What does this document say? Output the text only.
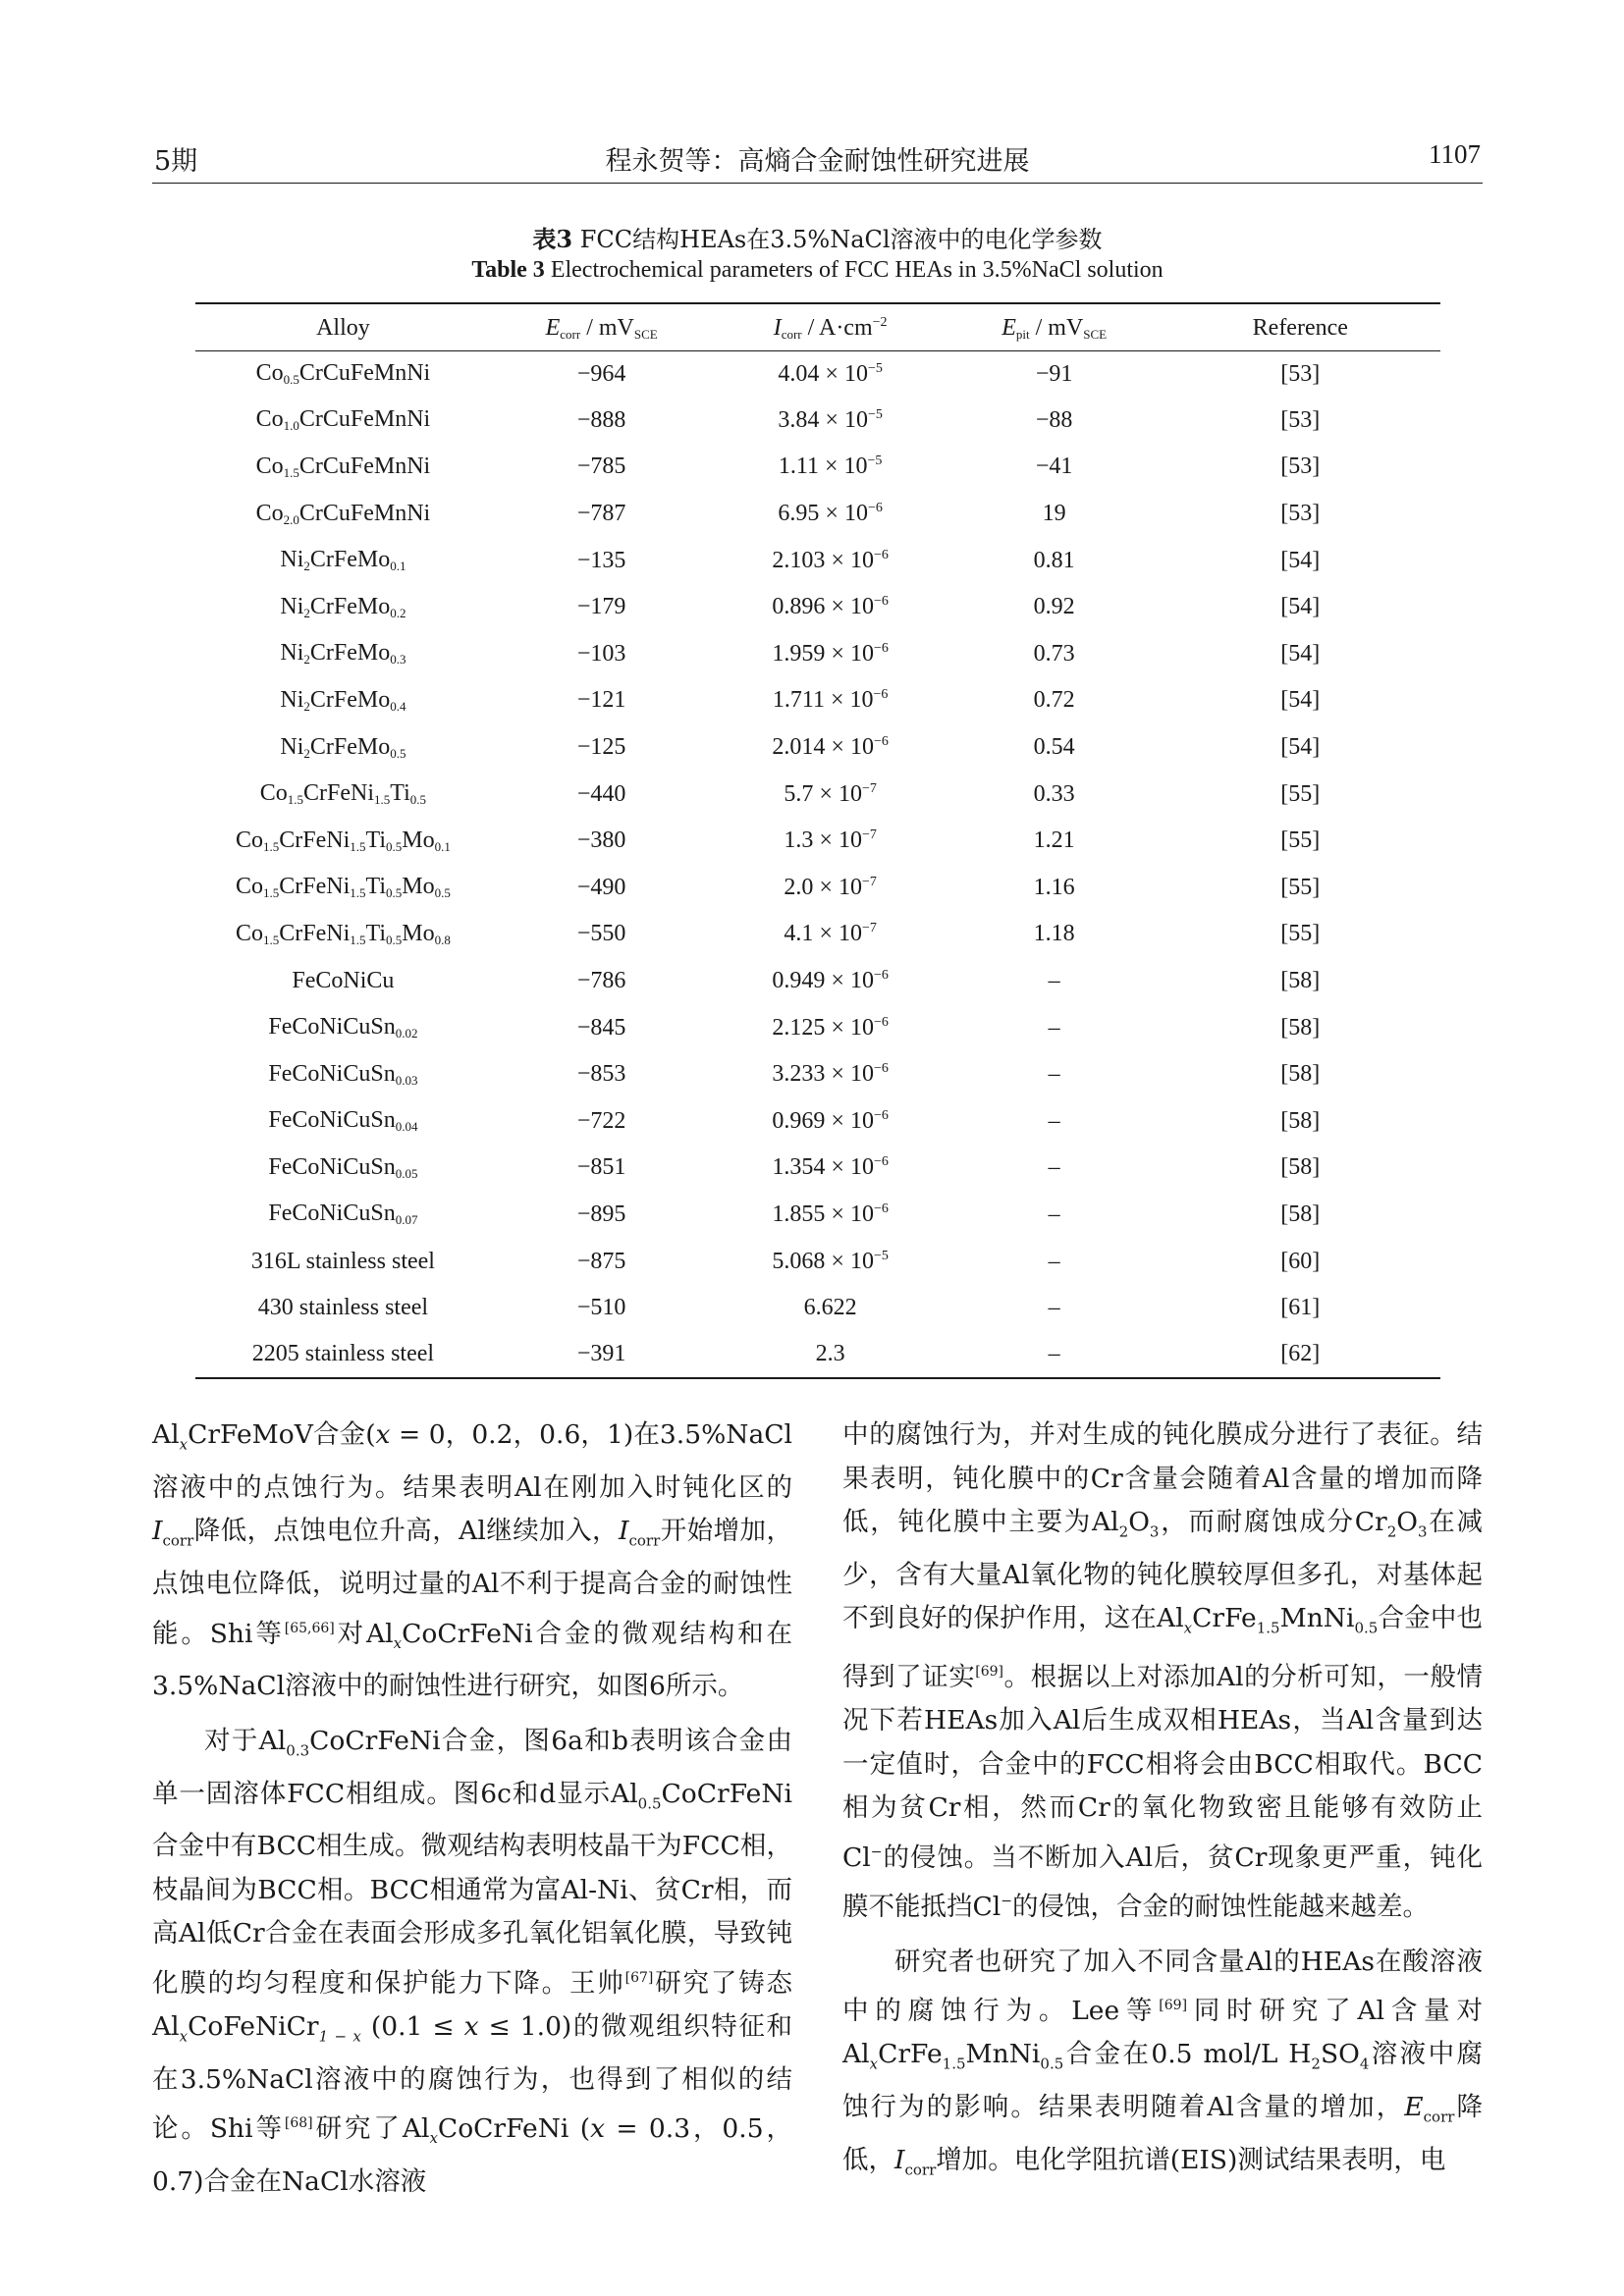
5期	程永贺等：高熵合金耐蚀性研究进展	1107
表3 FCC结构HEAs在3.5%NaCl溶液中的电化学参数
Table 3 Electrochemical parameters of FCC HEAs in 3.5%NaCl solution
Alloy	$E_{corr} / mV_{SCE}$	$I_{corr} / A\cdot cm^{-2}$	$E_{pit} / mV_{SCE}$	Reference
$Co_{0.5}CrCuFeMnNi$	−964	$4.04 \times 10^{-5}$	−91	[53]
$Co_{1.0}CrCuFeMnNi$	−888	$3.84 \times 10^{-5}$	−88	[53]
$Co_{1.5}CrCuFeMnNi$	−785	$1.11 \times 10^{-5}$	−41	[53]
$Co_{2.0}CrCuFeMnNi$	−787	$6.95 \times 10^{-6}$	19	[53]
$Ni_2CrFeMo_{0.1}$	−135	$2.103 \times 10^{-6}$	0.81	[54]
$Ni_2CrFeMo_{0.2}$	−179	$0.896 \times 10^{-6}$	0.92	[54]
$Ni_2CrFeMo_{0.3}$	−103	$1.959 \times 10^{-6}$	0.73	[54]
$Ni_2CrFeMo_{0.4}$	−121	$1.711 \times 10^{-6}$	0.72	[54]
$Ni_2CrFeMo_{0.5}$	−125	$2.014 \times 10^{-6}$	0.54	[54]
$Co_{1.5}CrFeNi_{1.5}Ti_{0.5}$	−440	$5.7 \times 10^{-7}$	0.33	[55]
$Co_{1.5}CrFeNi_{1.5}Ti_{0.5}Mo_{0.1}$	−380	$1.3 \times 10^{-7}$	1.21	[55]
$Co_{1.5}CrFeNi_{1.5}Ti_{0.5}Mo_{0.5}$	−490	$2.0 \times 10^{-7}$	1.16	[55]
$Co_{1.5}CrFeNi_{1.5}Ti_{0.5}Mo_{0.8}$	−550	$4.1 \times 10^{-7}$	1.18	[55]
FeCoNiCu	−786	$0.949 \times 10^{-6}$	–	[58]
FeCoNiCuSn$_{0.02}$	−845	$2.125 \times 10^{-6}$	–	[58]
FeCoNiCuSn$_{0.03}$	−853	$3.233 \times 10^{-6}$	–	[58]
FeCoNiCuSn$_{0.04}$	−722	$0.969 \times 10^{-6}$	–	[58]
FeCoNiCuSn$_{0.05}$	−851	$1.354 \times 10^{-6}$	–	[58]
FeCoNiCuSn$_{0.07}$	−895	$1.855 \times 10^{-6}$	–	[58]
316L stainless steel	−875	$5.068 \times 10^{-5}$	–	[60]
430 stainless steel	−510	6.622	–	[61]
2205 stainless steel	−391	2.3	–	[62]

$Al_xCrFeMoV$合金(x = 0，0.2，0.6，1)在3.5%NaCl溶液中的点蚀行为。结果表明Al在刚加入时钝化区的$I_{corr}$降低，点蚀电位升高，Al继续加入，$I_{corr}$开始增加，点蚀电位降低，说明过量的Al不利于提高合金的耐蚀性能。Shi等[65,66]对$Al_xCoCrFeNi$合金的微观结构和在3.5%NaCl溶液中的耐蚀性进行研究，如图6所示。

对于$Al_{0.3}CoCrFeNi$合金，图6a和b表明该合金由单一固溶体FCC相组成。图6c和d显示$Al_{0.5}CoCrFeNi$合金中有BCC相生成。微观结构表明枝晶干为FCC相，枝晶间为BCC相。BCC相通常为富Al-Ni、贫Cr相，而高Al低Cr合金在表面会形成多孔氧化铝氧化膜，导致钝化膜的均匀程度和保护能力下降。王帅[67]研究了铸态$Al_xCoFeNiCr_{1 - x}$ (0.1 ≤ x ≤ 1.0)的微观组织特征和在3.5%NaCl溶液中的腐蚀行为，也得到了相似的结论。Shi等[68]研究了$Al_xCoCrFeNi$ (x = 0.3，0.5，0.7)合金在NaCl水溶液

中的腐蚀行为，并对生成的钝化膜成分进行了表征。结果表明，钝化膜中的Cr含量会随着Al含量的增加而降低，钝化膜中主要为$Al_2O_3$，而耐腐蚀成分$Cr_2O_3$在减少，含有大量Al氧化物的钝化膜较厚但多孔，对基体起不到良好的保护作用，这在$Al_xCrFe_{1.5}MnNi_{0.5}$合金中也得到了证实[69]。根据以上对添加Al的分析可知，一般情况下若HEAs加入Al后生成双相HEAs，当Al含量到达一定值时，合金中的FCC相将会由BCC相取代。BCC相为贫Cr相，然而Cr的氧化物致密且能够有效防止Cl−的侵蚀。当不断加入Al后，贫Cr现象更严重，钝化膜不能抵挡Cl−的侵蚀，合金的耐蚀性能越来越差。

研究者也研究了加入不同含量Al的HEAs在酸溶液中的腐蚀行为。Lee等[69]同时研究了Al含量对$Al_xCrFe_{1.5}MnNi_{0.5}$合金在0.5 mol/L $H_2SO_4$溶液中腐蚀行为的影响。结果表明随着Al含量的增加，$E_{corr}$降低，$I_{corr}$增加。电化学阻抗谱(EIS)测试结果表明，电
